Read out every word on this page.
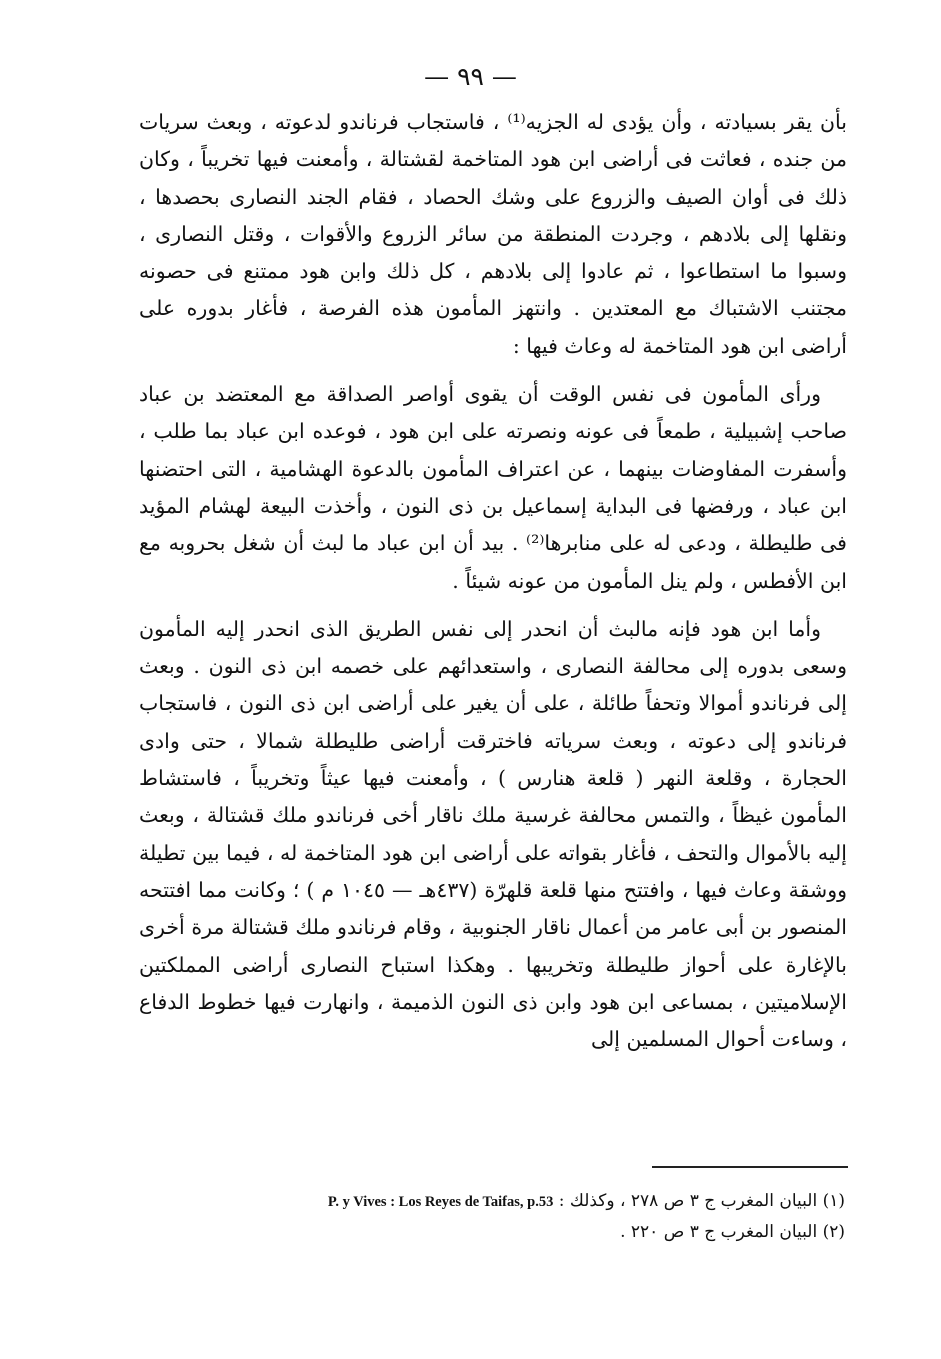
— ٩٩ —

بأن يقر بسيادته ، وأن يؤدى له الجزيه⁽¹⁾ ، فاستجاب فرناندو لدعوته ، وبعث سريات من جنده ، فعاثت فى أراضى ابن هود المتاخمة لقشتالة ، وأمعنت فيها تخريباً ، وكان ذلك فى أوان الصيف والزروع على وشك الحصاد ، فقام الجند النصارى بحصدها ، ونقلها إلى بلادهم ، وجردت المنطقة من سائر الزروع والأقوات ، وقتل النصارى ، وسبوا ما استطاعوا ، ثم عادوا إلى بلادهم ، كل ذلك وابن هود ممتنع فى حصونه مجتنب الاشتباك مع المعتدين . وانتهز المأمون هذه الفرصة ، فأغار بدوره على أراضى ابن هود المتاخمة له وعاث فيها :

ورأى المأمون فى نفس الوقت أن يقوى أواصر الصداقة مع المعتضد بن عباد صاحب إشبيلية ، طمعاً فى عونه ونصرته على ابن هود ، فوعده ابن عباد بما طلب ، وأسفرت المفاوضات بينهما ، عن اعتراف المأمون بالدعوة الهشامية ، التى احتضنها ابن عباد ، ورفضها فى البداية إسماعيل بن ذى النون ، وأخذت البيعة لهشام المؤيد فى طليطلة ، ودعى له على منابرها⁽²⁾ . بيد أن ابن عباد ما لبث أن شغل بحروبه مع ابن الأفطس ، ولم ينل المأمون من عونه شيئاً .

وأما ابن هود فإنه مالبث أن انحدر إلى نفس الطريق الذى انحدر إليه المأمون وسعى بدوره إلى محالفة النصارى ، واستعدائهم على خصمه ابن ذى النون . وبعث إلى فرناندو أموالا وتحفاً طائلة ، على أن يغير على أراضى ابن ذى النون ، فاستجاب فرناندو إلى دعوته ، وبعث سرياته فاخترقت أراضى طليطلة شمالا ، حتى وادى الحجارة ، وقلعة النهر ( قلعة هنارس ) ، وأمعنت فيها عيثاً وتخريباً ، فاستشاط المأمون غيظاً ، والتمس محالفة غرسية ملك ناقار أخى فرناندو ملك قشتالة ، وبعث إليه بالأموال والتحف ، فأغار بقواته على أراضى ابن هود المتاخمة له ، فيما بين تطيلة ووشقة وعاث فيها ، وافتتح منها قلعة قلهرّة (٤٣٧هـ — ١٠٤٥ م ) ؛ وكانت مما افتتحه المنصور بن أبى عامر من أعمال ناقار الجنوبية ، وقام فرناندو ملك قشتالة مرة أخرى بالإغارة على أحواز طليطلة وتخريبها . وهكذا استباح النصارى أراضى المملكتين الإسلاميتين ، بمساعى ابن هود وابن ذى النون الذميمة ، وانهارت فيها خطوط الدفاع ، وساءت أحوال المسلمين إلى

(١) البيان المغرب ج ٣ ص ٢٧٨ ، وكذلك : P. y Vives : Los Reyes de Taifas, p.53
(٢) البيان المغرب ج ٣ ص ٢٢٠ .
